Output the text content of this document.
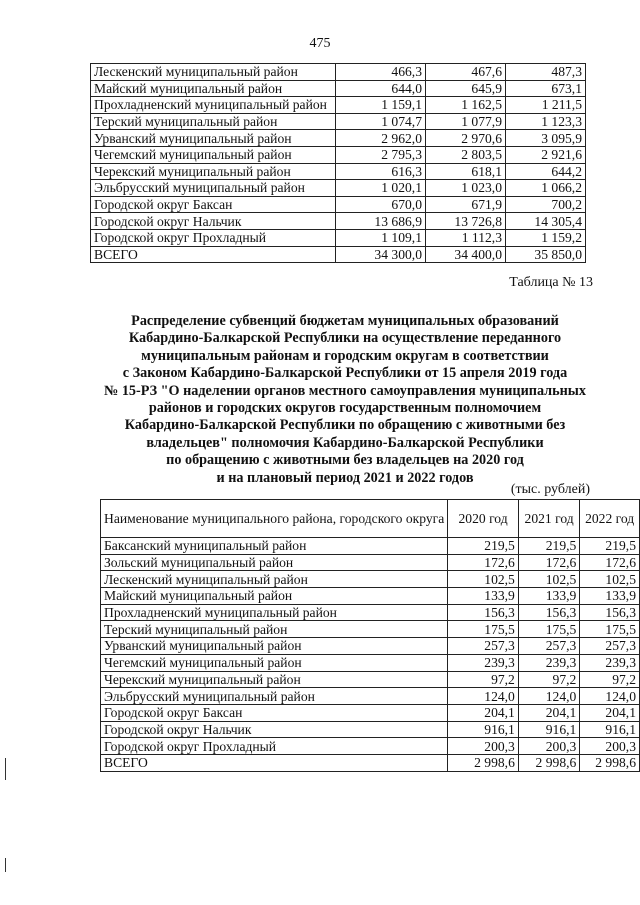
475
Лескенский муниципальный район	466,3	467,6	487,3
Майский муниципальный район	644,0	645,9	673,1
Прохладненский муниципальный район	1 159,1	1 162,5	1 211,5
Терский муниципальный район	1 074,7	1 077,9	1 123,3
Урванский муниципальный район	2 962,0	2 970,6	3 095,9
Чегемский муниципальный район	2 795,3	2 803,5	2 921,6
Черекский муниципальный район	616,3	618,1	644,2
Эльбрусский муниципальный район	1 020,1	1 023,0	1 066,2
Городской округ Баксан	670,0	671,9	700,2
Городской округ Нальчик	13 686,9	13 726,8	14 305,4
Городской округ Прохладный	1 109,1	1 112,3	1 159,2
ВСЕГО	34 300,0	34 400,0	35 850,0
Таблица № 13
Распределение субвенций бюджетам муниципальных образований
Кабардино-Балкарской Республики на осуществление переданного
муниципальным районам и городским округам в соответствии
с Законом Кабардино-Балкарской Республики от 15 апреля 2019 года
№ 15-РЗ "О наделении органов местного самоуправления муниципальных
районов и городских округов государственным полномочием
Кабардино-Балкарской Республики по обращению с животными без
владельцев" полномочия Кабардино-Балкарской Республики
по обращению с животными без владельцев на 2020 год
и на плановый период 2021 и 2022 годов
(тыс. рублей)
Наименование муниципального района, городского округа	2020 год	2021 год	2022 год
Баксанский муниципальный район	219,5	219,5	219,5
Зольский муниципальный район	172,6	172,6	172,6
Лескенский муниципальный район	102,5	102,5	102,5
Майский муниципальный район	133,9	133,9	133,9
Прохладненский муниципальный район	156,3	156,3	156,3
Терский муниципальный район	175,5	175,5	175,5
Урванский муниципальный район	257,3	257,3	257,3
Чегемский муниципальный район	239,3	239,3	239,3
Черекский муниципальный район	97,2	97,2	97,2
Эльбрусский муниципальный район	124,0	124,0	124,0
Городской округ Баксан	204,1	204,1	204,1
Городской округ Нальчик	916,1	916,1	916,1
Городской округ Прохладный	200,3	200,3	200,3
ВСЕГО	2 998,6	2 998,6	2 998,6
